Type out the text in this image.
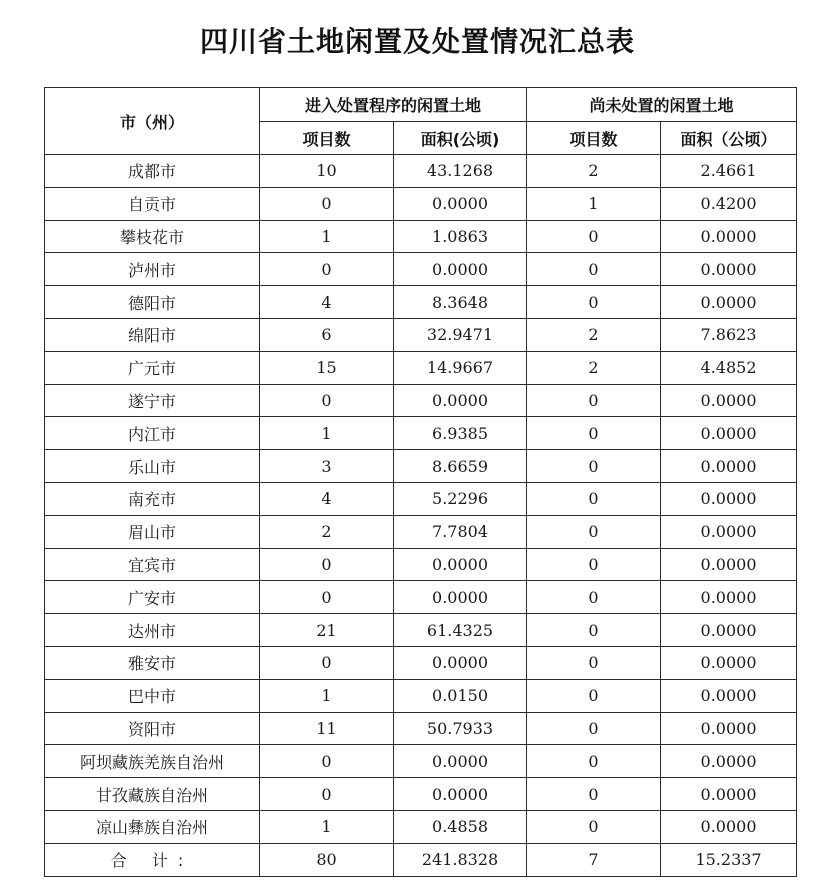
四川省土地闲置及处置情况汇总表
市（州）	进入处置程序的闲置土地		尚未处置的闲置土地	
	项目数	面积(公顷)	项目数	面积（公顷）
成都市	10	43.1268	2	2.4661
自贡市	0	0.0000	1	0.4200
攀枝花市	1	1.0863	0	0.0000
泸州市	0	0.0000	0	0.0000
德阳市	4	8.3648	0	0.0000
绵阳市	6	32.9471	2	7.8623
广元市	15	14.9667	2	4.4852
遂宁市	0	0.0000	0	0.0000
内江市	1	6.9385	0	0.0000
乐山市	3	8.6659	0	0.0000
南充市	4	5.2296	0	0.0000
眉山市	2	7.7804	0	0.0000
宜宾市	0	0.0000	0	0.0000
广安市	0	0.0000	0	0.0000
达州市	21	61.4325	0	0.0000
雅安市	0	0.0000	0	0.0000
巴中市	1	0.0150	0	0.0000
资阳市	11	50.7933	0	0.0000
阿坝藏族羌族自治州	0	0.0000	0	0.0000
甘孜藏族自治州	0	0.0000	0	0.0000
凉山彝族自治州	1	0.4858	0	0.0000
合 计:	80	241.8328	7	15.2337
